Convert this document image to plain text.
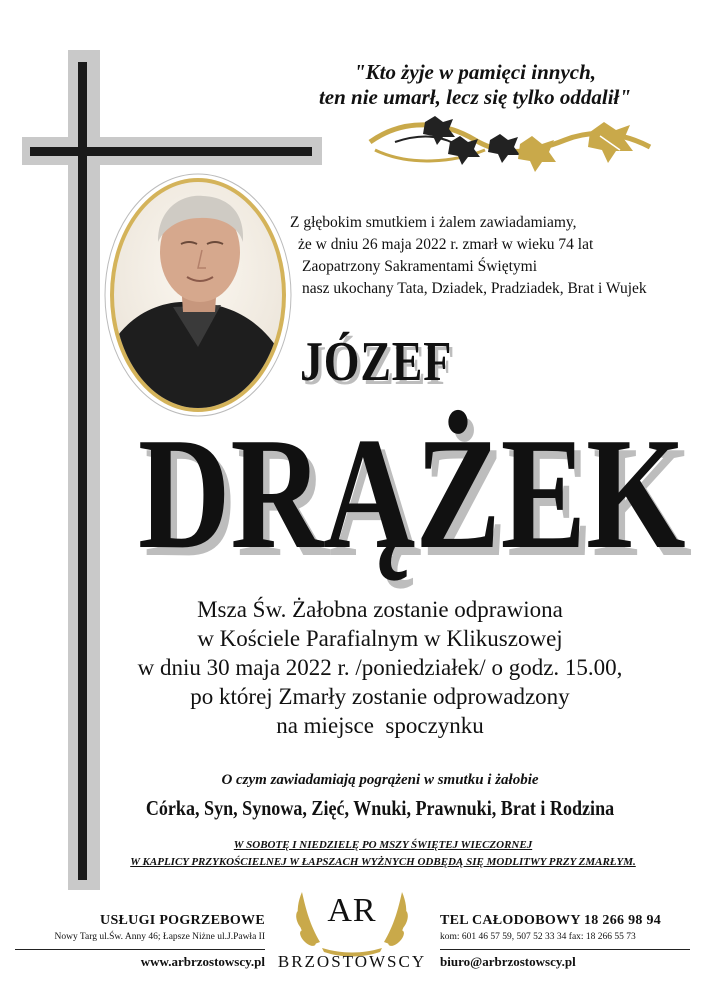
"Kto żyje w pamięci innych,
ten nie umarł, lecz się tylko oddalił"
Z głębokim smutkiem i żalem zawiadamiamy,
że w dniu 26 maja 2022 r. zmarł w wieku 74 lat
Zaopatrzony Sakramentami Świętymi
nasz ukochany Tata, Dziadek, Pradziadek, Brat i Wujek
JÓZEF
DRĄŻEK
Msza Św. Żałobna zostanie odprawiona
w Kościele Parafialnym w Klikuszowej
w dniu 30 maja 2022 r. /poniedziałek/ o godz. 15.00,
po której Zmarły zostanie odprowadzony
na miejsce  spoczynku
O czym zawiadamiają pogrążeni w smutku i żałobie
Córka, Syn, Synowa, Zięć, Wnuki, Prawnuki, Brat i Rodzina
W SOBOTĘ I NIEDZIELĘ PO MSZY ŚWIĘTEJ WIECZORNEJ
W KAPLICY PRZYKOŚCIELNEJ W ŁAPSZACH WYŻNYCH ODBĘDĄ SIĘ MODLITWY PRZY ZMARŁYM.
USŁUGI POGRZEBOWE
Nowy Targ ul.Św. Anny 46; Łapsze Niżne ul.J.Pawła II
www.arbrzostowscy.pl
AR
BRZOSTOWSCY
TEL CAŁODOBOWY 18 266 98 94
kom: 601 46 57 59, 507 52 33 34 fax: 18 266 55 73
biuro@arbrzostowscy.pl
